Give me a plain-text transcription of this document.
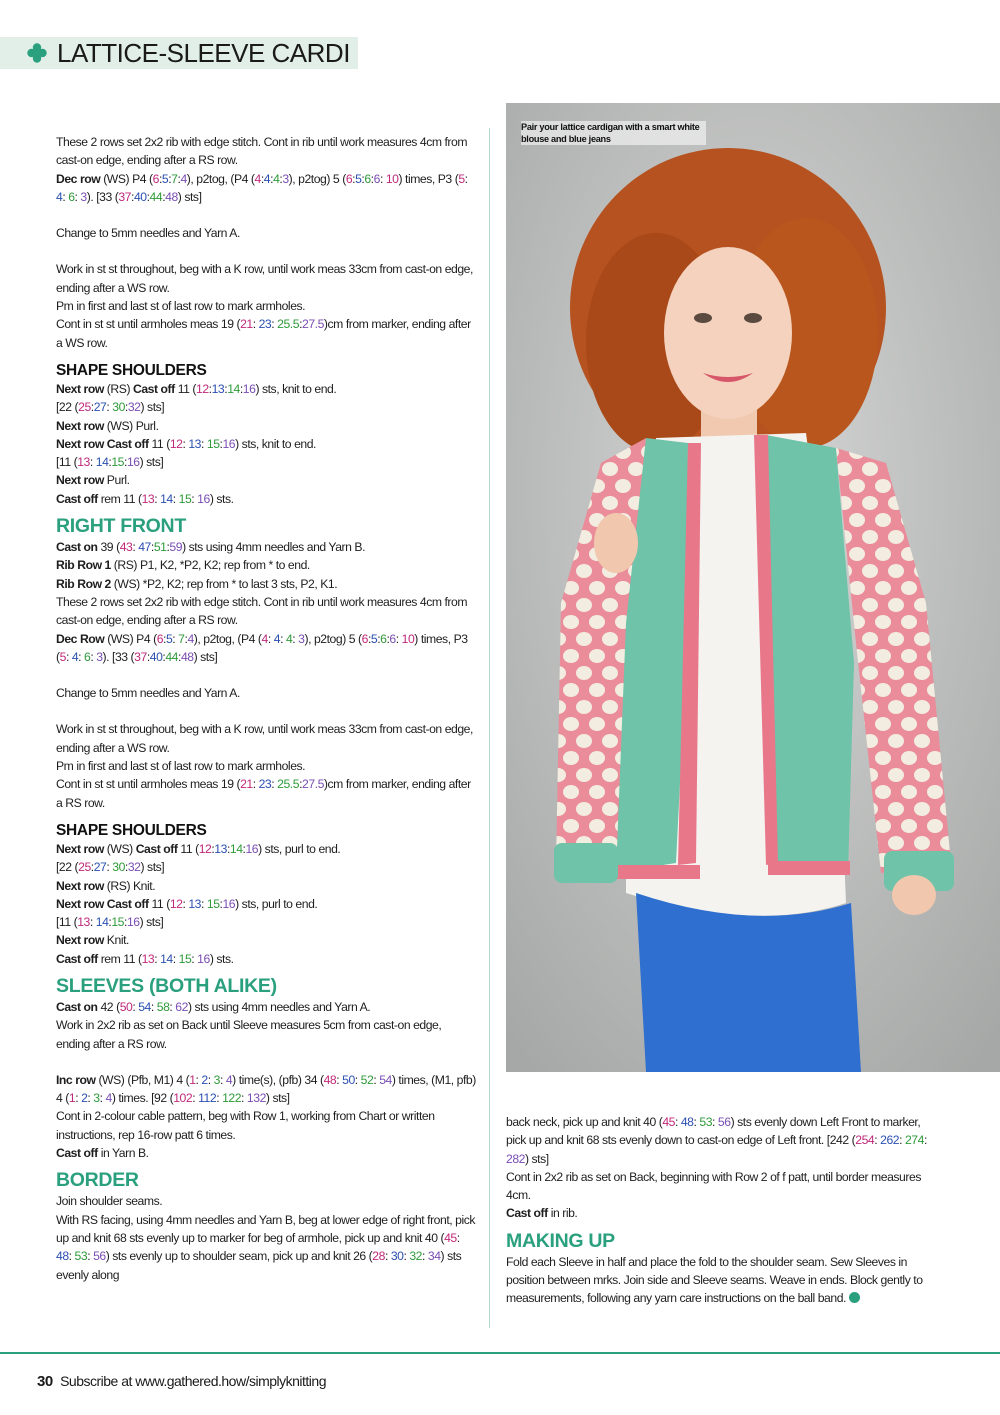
LATTICE-SLEEVE CARDI

These 2 rows set 2x2 rib with edge stitch. Cont in rib until work measures 4cm from cast-on edge, ending after a RS row.

Dec row (WS) P4 (6:5:7:4), p2tog, (P4 (4:4:4:3), p2tog) 5 (6:5:6:6: 10) times, P3 (5: 4: 6: 3). [33 (37:40:44:48) sts]

Change to 5mm needles and Yarn A.

Work in st st throughout, beg with a K row, until work meas 33cm from cast-on edge, ending after a WS row.

Pm in first and last st of last row to mark armholes.

Cont in st st until armholes meas 19 (21: 23: 25.5:27.5)cm from marker, ending after a WS row.

SHAPE SHOULDERS

Next row (RS) Cast off 11 (12:13:14:16) sts, knit to end.

[22 (25:27: 30:32) sts]

Next row (WS) Purl.

Next row Cast off 11 (12: 13: 15:16) sts, knit to end.

[11 (13: 14:15:16) sts]

Next row Purl.

Cast off rem 11 (13: 14: 15: 16) sts.

RIGHT FRONT

Cast on 39 (43: 47:51:59) sts using 4mm needles and Yarn B.

Rib Row 1 (RS) P1, K2, *P2, K2; rep from * to end.

Rib Row 2 (WS) *P2, K2; rep from * to last 3 sts, P2, K1.

These 2 rows set 2x2 rib with edge stitch. Cont in rib until work measures 4cm from cast-on edge, ending after a RS row.

Dec Row (WS) P4 (6:5: 7:4), p2tog, (P4 (4: 4: 4: 3), p2tog) 5 (6:5:6:6: 10) times, P3 (5: 4: 6: 3). [33 (37:40:44:48) sts]

Change to 5mm needles and Yarn A.

Work in st st throughout, beg with a K row, until work meas 33cm from cast-on edge, ending after a WS row.

Pm in first and last st of last row to mark armholes.

Cont in st st until armholes meas 19 (21: 23: 25.5:27.5)cm from marker, ending after a RS row.

SHAPE SHOULDERS

Next row (WS) Cast off 11 (12:13:14:16) sts, purl to end.

[22 (25:27: 30:32) sts]

Next row (RS) Knit.

Next row Cast off 11 (12: 13: 15:16) sts, purl to end.

[11 (13: 14:15:16) sts]

Next row Knit.

Cast off rem 11 (13: 14: 15: 16) sts.

SLEEVES (BOTH ALIKE)

Cast on 42 (50: 54: 58: 62) sts using 4mm needles and Yarn A.

Work in 2x2 rib as set on Back until Sleeve measures 5cm from cast-on edge, ending after a RS row.

Inc row (WS) (Pfb, M1) 4 (1: 2: 3: 4) time(s), (pfb) 34 (48: 50: 52: 54) times, (M1, pfb) 4 (1: 2: 3: 4) times. [92 (102: 112: 122: 132) sts]

Cont in 2-colour cable pattern, beg with Row 1, working from Chart or written instructions, rep 16-row patt 6 times.

Cast off in Yarn B.

BORDER

Join shoulder seams.

With RS facing, using 4mm needles and Yarn B, beg at lower edge of right front, pick up and knit 68 sts evenly up to marker for beg of armhole, pick up and knit 40 (45: 48: 53: 56) sts evenly up to shoulder seam, pick up and knit 26 (28: 30: 32: 34) sts evenly along

Pair your lattice cardigan with a smart white blouse and blue jeans

back neck, pick up and knit 40 (45: 48: 53: 56) sts evenly down Left Front to marker, pick up and knit 68 sts evenly down to cast-on edge of Left front. [242 (254: 262: 274: 282) sts]

Cont in 2x2 rib as set on Back, beginning with Row 2 of f patt, until border measures 4cm.

Cast off in rib.

MAKING UP

Fold each Sleeve in half and place the fold to the shoulder seam. Sew Sleeves in position between mrks. Join side and Sleeve seams. Weave in ends. Block gently to measurements, following any yarn care instructions on the ball band.

30 Subscribe at www.gathered.how/simplyknitting
